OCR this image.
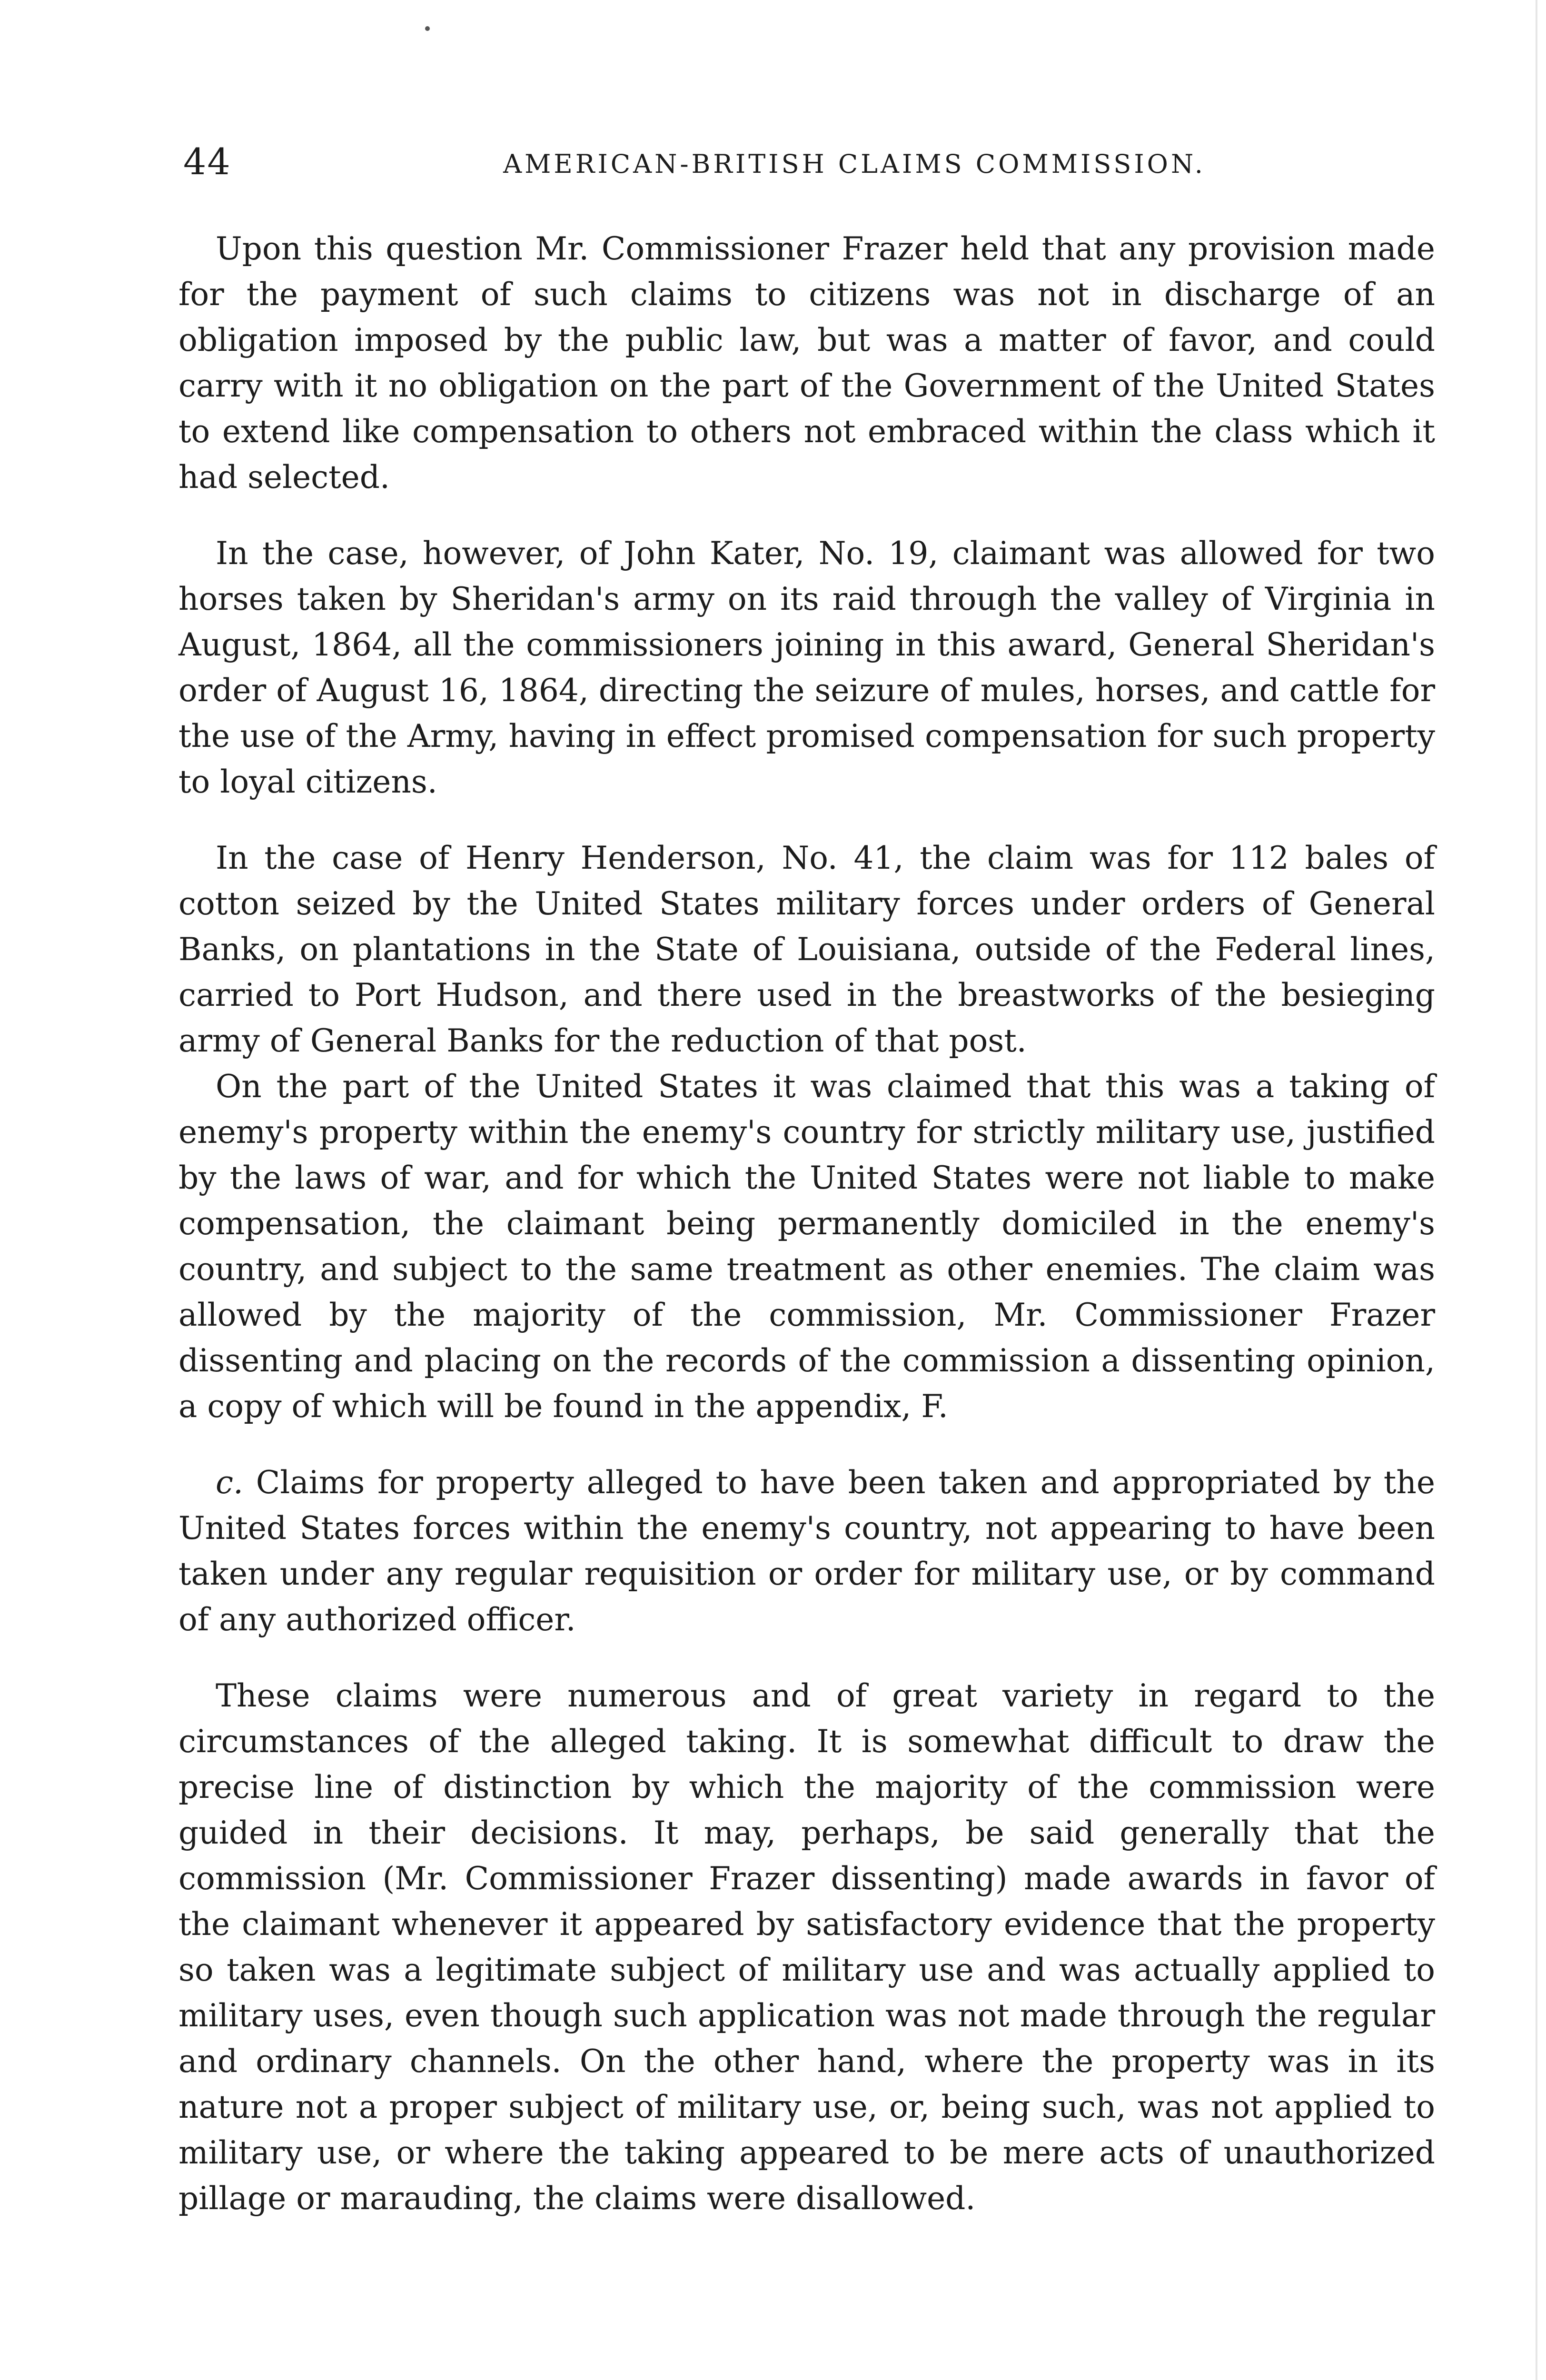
44	AMERICAN-BRITISH CLAIMS COMMISSION.

Upon this question Mr. Commissioner Frazer held that any provision made for the payment of such claims to citizens was not in discharge of an obligation imposed by the public law, but was a matter of favor, and could carry with it no obligation on the part of the Government of the United States to extend like compensation to others not embraced within the class which it had selected.

In the case, however, of John Kater, No. 19, claimant was allowed for two horses taken by Sheridan's army on its raid through the valley of Virginia in August, 1864, all the commissioners joining in this award, General Sheridan's order of August 16, 1864, directing the seizure of mules, horses, and cattle for the use of the Army, having in effect promised compensation for such property to loyal citizens.

In the case of Henry Henderson, No. 41, the claim was for 112 bales of cotton seized by the United States military forces under orders of General Banks, on plantations in the State of Louisiana, outside of the Federal lines, carried to Port Hudson, and there used in the breastworks of the besieging army of General Banks for the reduction of that post.

On the part of the United States it was claimed that this was a taking of enemy's property within the enemy's country for strictly military use, justified by the laws of war, and for which the United States were not liable to make compensation, the claimant being permanently domiciled in the enemy's country, and subject to the same treatment as other enemies. The claim was allowed by the majority of the commission, Mr. Commissioner Frazer dissenting and placing on the records of the commission a dissenting opinion, a copy of which will be found in the appendix, F.

c. Claims for property alleged to have been taken and appropriated by the United States forces within the enemy's country, not appearing to have been taken under any regular requisition or order for military use, or by command of any authorized officer.

These claims were numerous and of great variety in regard to the circumstances of the alleged taking. It is somewhat difficult to draw the precise line of distinction by which the majority of the commission were guided in their decisions. It may, perhaps, be said generally that the commission (Mr. Commissioner Frazer dissenting) made awards in favor of the claimant whenever it appeared by satisfactory evidence that the property so taken was a legitimate subject of military use and was actually applied to military uses, even though such application was not made through the regular and ordinary channels. On the other hand, where the property was in its nature not a proper subject of military use, or, being such, was not applied to military use, or where the taking appeared to be mere acts of unauthorized pillage or marauding, the claims were disallowed.
